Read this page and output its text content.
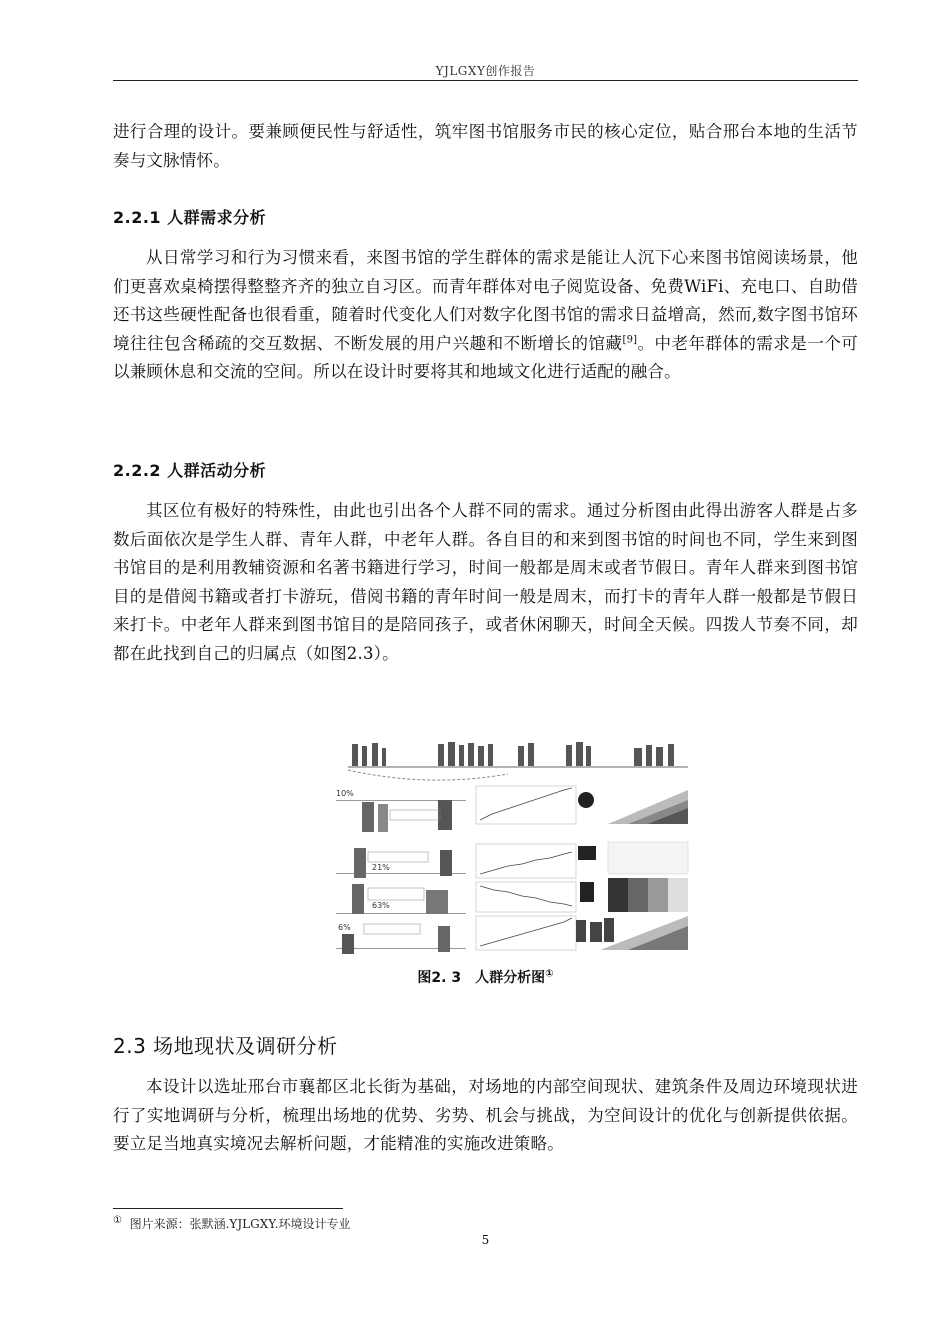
YJLGXY创作报告

进行合理的设计。要兼顾便民性与舒适性，筑牢图书馆服务市民的核心定位，贴合邢台本地的生活节奏与文脉情怀。

2.2.1 人群需求分析

从日常学习和行为习惯来看，来图书馆的学生群体的需求是能让人沉下心来图书馆阅读场景，他们更喜欢桌椅摆得整整齐齐的独立自习区。而青年群体对电子阅览设备、免费WiFi、充电口、自助借还书这些硬性配备也很看重，随着时代变化人们对数字化图书馆的需求日益增高，然而,数字图书馆环境往往包含稀疏的交互数据、不断发展的用户兴趣和不断增长的馆藏[9]。中老年群体的需求是一个可以兼顾休息和交流的空间。所以在设计时要将其和地域文化进行适配的融合。

2.2.2 人群活动分析

其区位有极好的特殊性，由此也引出各个人群不同的需求。通过分析图由此得出游客人群是占多数后面依次是学生人群、青年人群，中老年人群。各自目的和来到图书馆的时间也不同，学生来到图书馆目的是利用教辅资源和名著书籍进行学习，时间一般都是周末或者节假日。青年人群来到图书馆目的是借阅书籍或者打卡游玩，借阅书籍的青年时间一般是周末，而打卡的青年人群一般都是节假日来打卡。中老年人群来到图书馆目的是陪同孩子，或者休闲聊天，时间全天候。四拨人节奏不同，却都在此找到自己的归属点（如图2.3）。

10%
21%
63%
6%
图2. 3　人群分析图①
2.3 场地现状及调研分析

本设计以选址邢台市襄都区北长街为基础，对场地的内部空间现状、建筑条件及周边环境现状进行了实地调研与分析，梳理出场地的优势、劣势、机会与挑战，为空间设计的优化与创新提供依据。要立足当地真实境况去解析问题，才能精准的实施改进策略。

① 图片来源：张默涵.YJLGXY.环境设计专业
5
